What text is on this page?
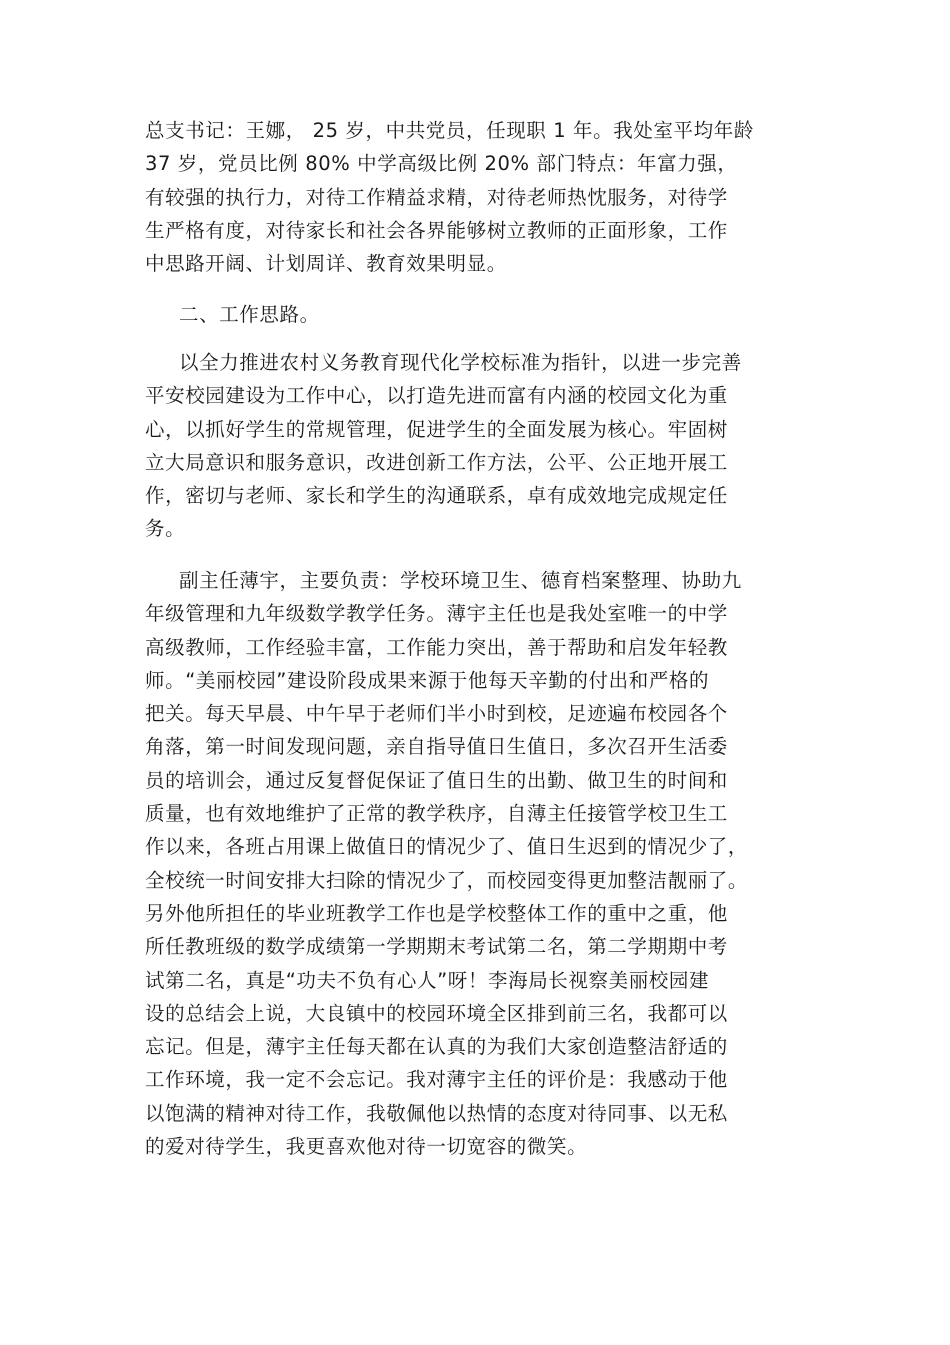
总支书记：王娜， 25 岁，中共党员，任现职 1 年。我处室平均年龄
37 岁，党员比例 80% 中学高级比例 20% 部门特点：年富力强，
有较强的执行力，对待工作精益求精，对待老师热忱服务，对待学
生严格有度，对待家长和社会各界能够树立教师的正面形象，工作
中思路开阔、计划周详、教育效果明显。
二、工作思路。
以全力推进农村义务教育现代化学校标准为指针，以进一步完善
平安校园建设为工作中心，以打造先进而富有内涵的校园文化为重
心，以抓好学生的常规管理，促进学生的全面发展为核心。牢固树
立大局意识和服务意识，改进创新工作方法，公平、公正地开展工
作，密切与老师、家长和学生的沟通联系，卓有成效地完成规定任
务。
副主任薄宇，主要负责：学校环境卫生、德育档案整理、协助九
年级管理和九年级数学教学任务。薄宇主任也是我处室唯一的中学
高级教师，工作经验丰富，工作能力突出，善于帮助和启发年轻教
师。“美丽校园”建设阶段成果来源于他每天辛勤的付出和严格的
把关。每天早晨、中午早于老师们半小时到校，足迹遍布校园各个
角落，第一时间发现问题，亲自指导值日生值日，多次召开生活委
员的培训会，通过反复督促保证了值日生的出勤、做卫生的时间和
质量，也有效地维护了正常的教学秩序，自薄主任接管学校卫生工
作以来，各班占用课上做值日的情况少了、值日生迟到的情况少了，
全校统一时间安排大扫除的情况少了，而校园变得更加整洁靓丽了。
另外他所担任的毕业班教学工作也是学校整体工作的重中之重，他
所任教班级的数学成绩第一学期期末考试第二名，第二学期期中考
试第二名，真是“功夫不负有心人”呀！李海局长视察美丽校园建
设的总结会上说，大良镇中的校园环境全区排到前三名，我都可以
忘记。但是，薄宇主任每天都在认真的为我们大家创造整洁舒适的
工作环境，我一定不会忘记。我对薄宇主任的评价是：我感动于他
以饱满的精神对待工作，我敬佩他以热情的态度对待同事、以无私
的爱对待学生，我更喜欢他对待一切宽容的微笑。
